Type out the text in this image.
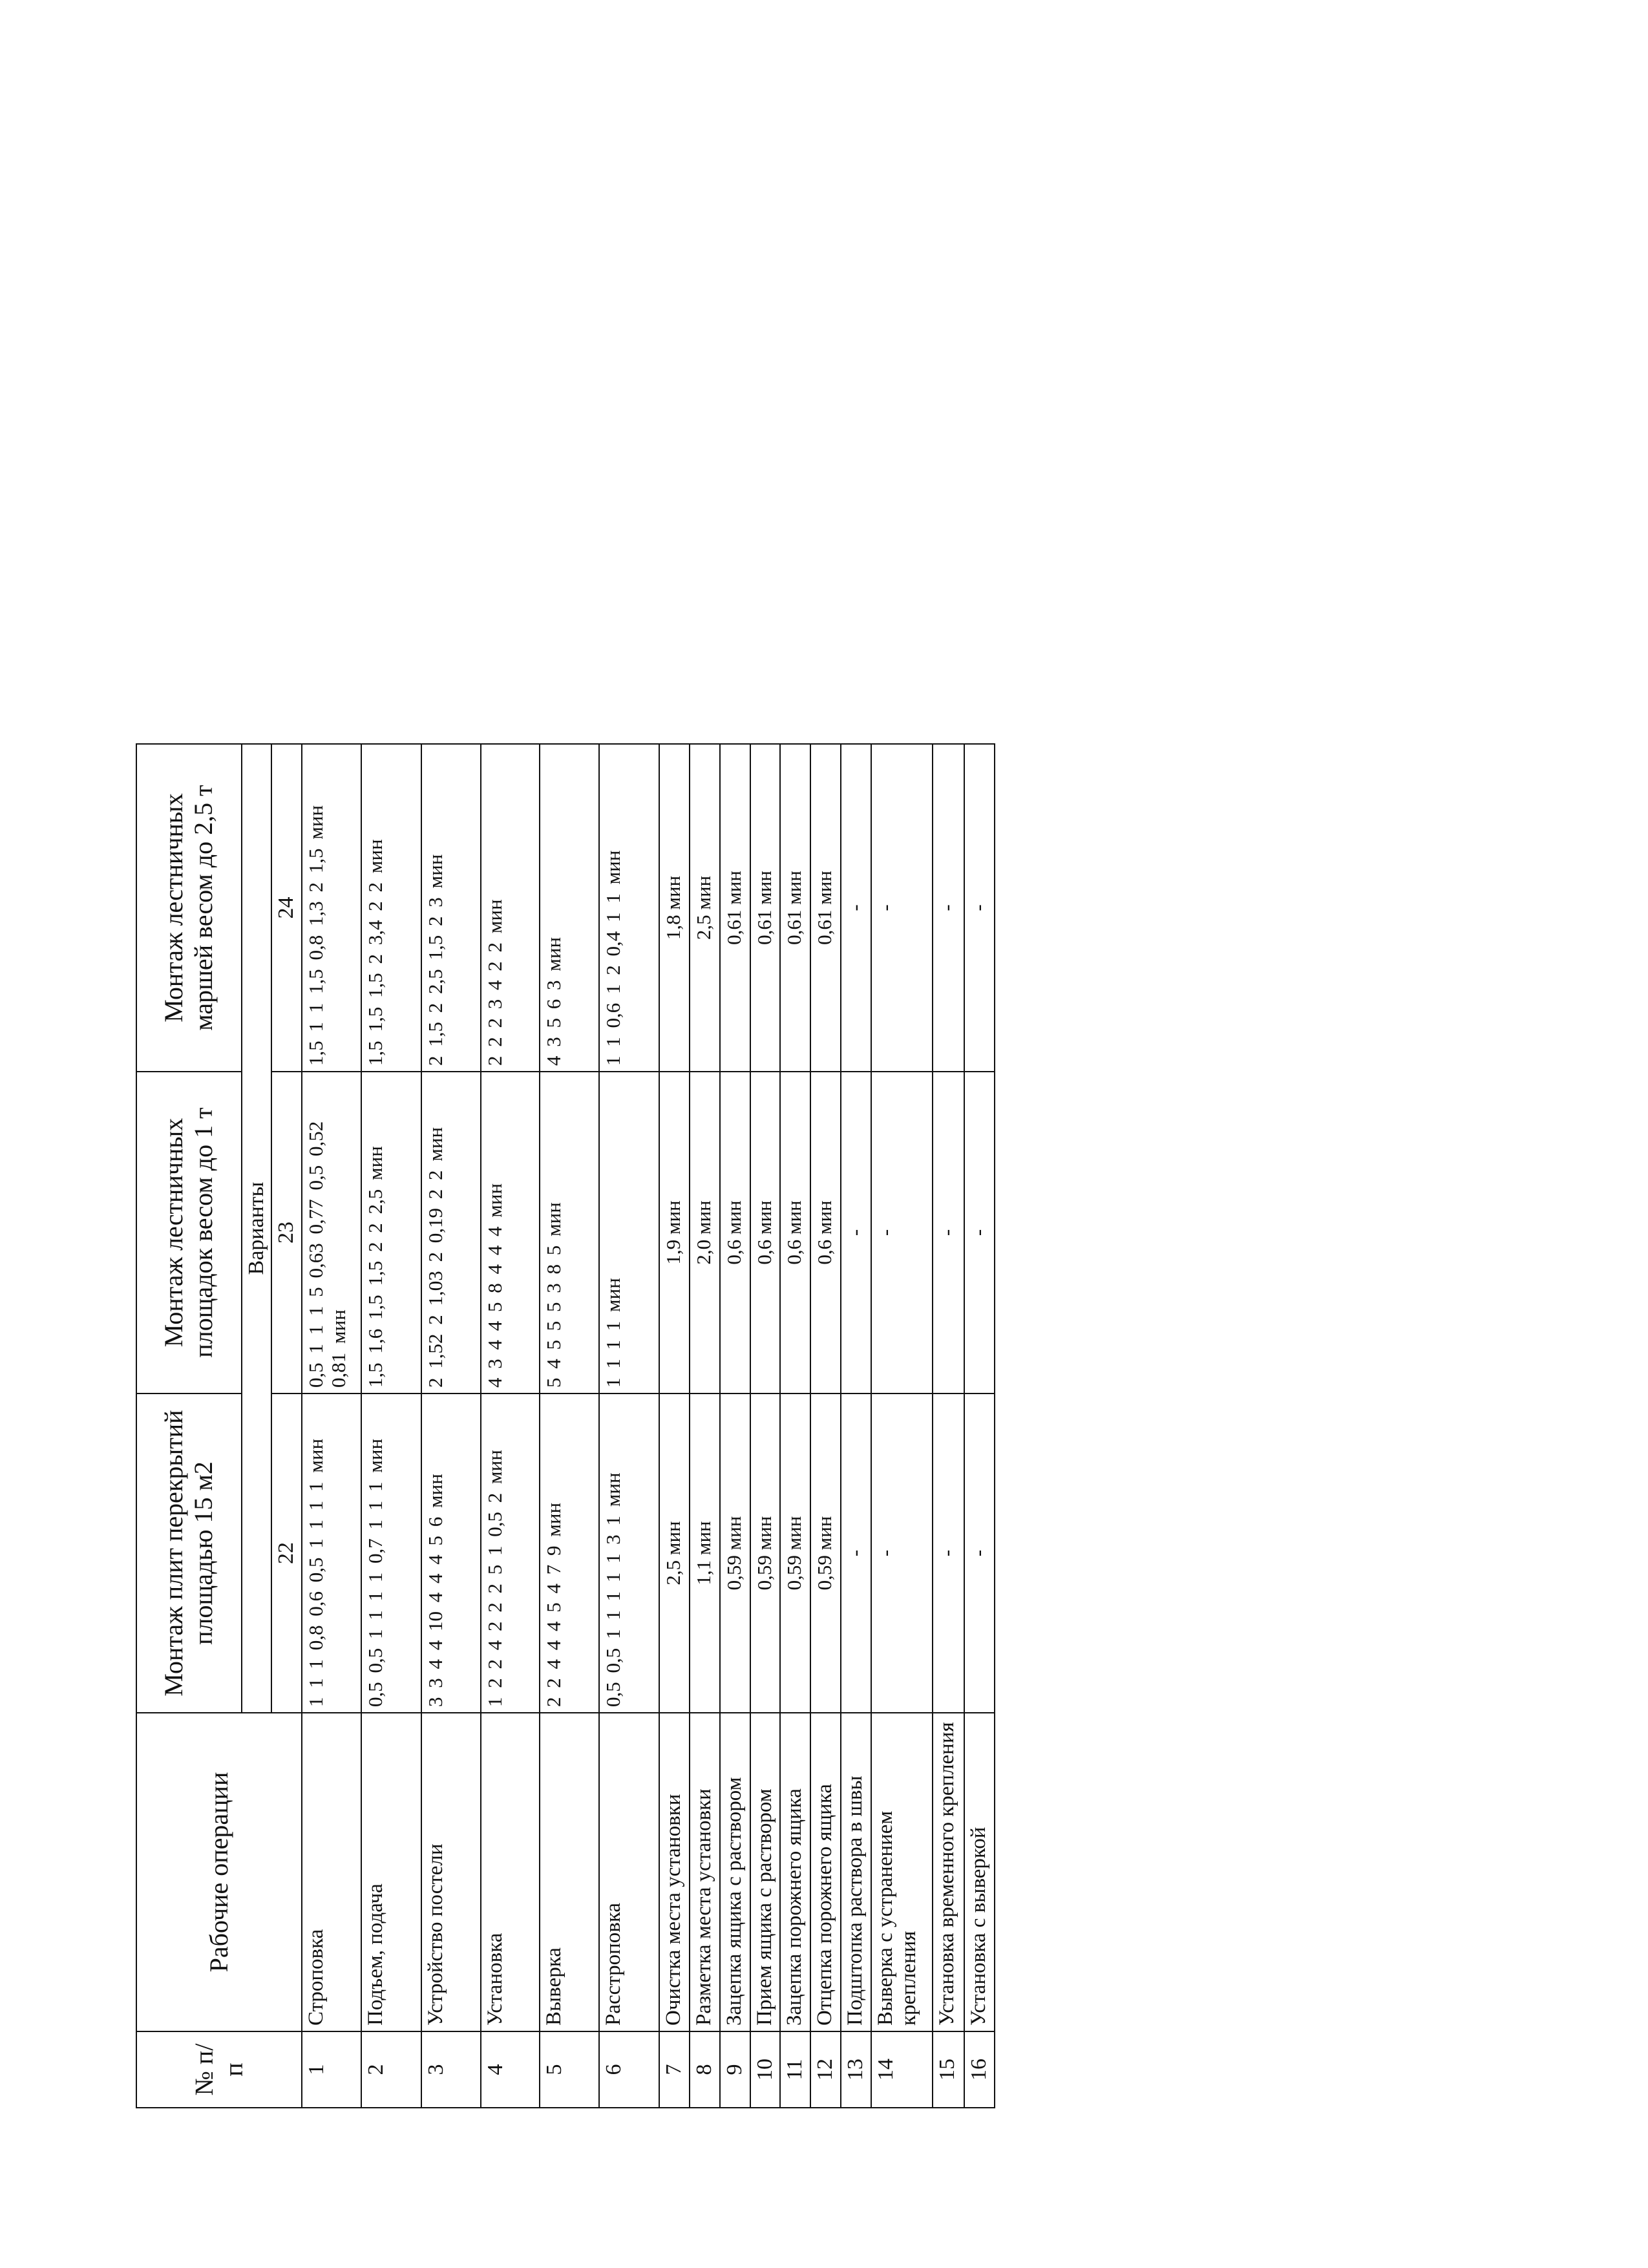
№ п/п	Рабочие операции	Монтаж плит перекрытий площадью 15 м2	Монтаж лестничных площадок весом до 1 т	Монтаж лестничных маршей весом до 2,5 т
		Варианты		
		22	23	24
1	Строповка	1 1 1 0,8 0,6 0,5 1 1 1 1 мин	0,5 1 1 1 5 0,63 0,77 0,5 0,52 0,81 мин	1,5 1 1 1,5 0,8 1,3 2 1,5 мин
2	Подъем, подача	0,5 0,5 1 1 1 1 0,7 1 1 1 мин	1,5 1,6 1,5 1,5 2 2 2,5 мин	1,5 1,5 1,5 2 3,4 2 2 мин
3	Устройство постели	3 3 4 4 10 4 4 4 5 6 мин	2 1,52 2 1,03 2 0,19 2 2 мин	2 1,5 2 2,5 1,5 2 3 мин
4	Установка	1 2 2 4 2 2 2 5 1 0,5 2 мин	4 3 4 4 5 8 4 4 4 мин	2 2 2 3 4 2 2 мин
5	Выверка	2 2 4 4 4 5 4 7 9 мин	5 4 5 5 5 3 8 5 мин	4 3 5 6 3 мин
6	Расстроповка	0,5 0,5 1 1 1 1 1 3 1 мин	1 1 1 1 мин	1 1 0,6 1 2 0,4 1 1 мин
7	Очистка места установки	2,5 мин	1,9 мин	1,8 мин
8	Разметка места установки	1,1 мин	2,0 мин	2,5 мин
9	Зацепка ящика с раствором	0,59 мин	0,6 мин	0,61 мин
10	Прием ящика с раствором	0,59 мин	0,6 мин	0,61 мин
11	Зацепка порожнего ящика	0,59 мин	0,6 мин	0,61 мин
12	Отцепка порожнего ящика	0,59 мин	0,6 мин	0,61 мин
13	Подштопка раствора в швы	-	-	-
14	Выверка с устранением крепления	-	-	-
15	Установка временного крепления	-	-	-
16	Установка с выверкой	-	-	-
